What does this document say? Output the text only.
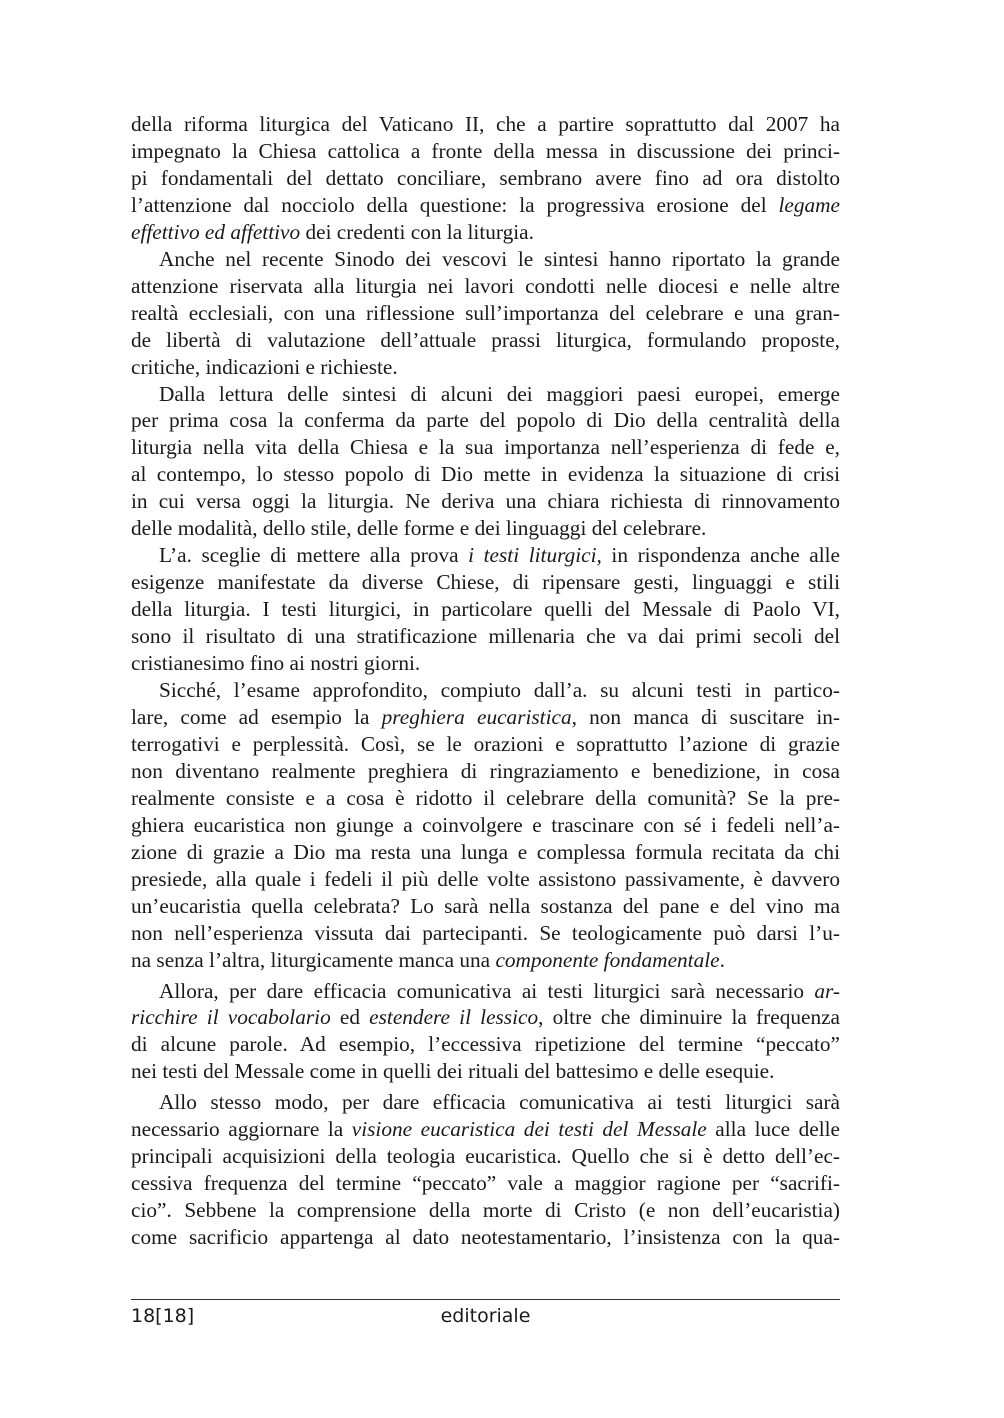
della riforma liturgica del Vaticano II, che a partire soprattutto dal 2007 ha
impegnato la Chiesa cattolica a fronte della messa in discussione dei princi-
pi fondamentali del dettato conciliare, sembrano avere fino ad ora distolto
l’attenzione dal nocciolo della questione: la progressiva erosione del legame
effettivo ed affettivo dei credenti con la liturgia.
Anche nel recente Sinodo dei vescovi le sintesi hanno riportato la grande
attenzione riservata alla liturgia nei lavori condotti nelle diocesi e nelle altre
realtà ecclesiali, con una riflessione sull’importanza del celebrare e una gran-
de libertà di valutazione dell’attuale prassi liturgica, formulando proposte,
critiche, indicazioni e richieste.
Dalla lettura delle sintesi di alcuni dei maggiori paesi europei, emerge
per prima cosa la conferma da parte del popolo di Dio della centralità della
liturgia nella vita della Chiesa e la sua importanza nell’esperienza di fede e,
al contempo, lo stesso popolo di Dio mette in evidenza la situazione di crisi
in cui versa oggi la liturgia. Ne deriva una chiara richiesta di rinnovamento
delle modalità, dello stile, delle forme e dei linguaggi del celebrare.
L’a. sceglie di mettere alla prova i testi liturgici, in rispondenza anche alle
esigenze manifestate da diverse Chiese, di ripensare gesti, linguaggi e stili
della liturgia. I testi liturgici, in particolare quelli del Messale di Paolo VI,
sono il risultato di una stratificazione millenaria che va dai primi secoli del
cristianesimo fino ai nostri giorni.
Sicché, l’esame approfondito, compiuto dall’a. su alcuni testi in partico-
lare, come ad esempio la preghiera eucaristica, non manca di suscitare in-
terrogativi e perplessità. Così, se le orazioni e soprattutto l’azione di grazie
non diventano realmente preghiera di ringraziamento e benedizione, in cosa
realmente consiste e a cosa è ridotto il celebrare della comunità? Se la pre-
ghiera eucaristica non giunge a coinvolgere e trascinare con sé i fedeli nell’a-
zione di grazie a Dio ma resta una lunga e complessa formula recitata da chi
presiede, alla quale i fedeli il più delle volte assistono passivamente, è davvero
un’eucaristia quella celebrata? Lo sarà nella sostanza del pane e del vino ma
non nell’esperienza vissuta dai partecipanti. Se teologicamente può darsi l’u-
na senza l’altra, liturgicamente manca una componente fondamentale.
Allora, per dare efficacia comunicativa ai testi liturgici sarà necessario ar-
ricchire il vocabolario ed estendere il lessico, oltre che diminuire la frequenza
di alcune parole. Ad esempio, l’eccessiva ripetizione del termine “peccato”
nei testi del Messale come in quelli dei rituali del battesimo e delle esequie.
Allo stesso modo, per dare efficacia comunicativa ai testi liturgici sarà
necessario aggiornare la visione eucaristica dei testi del Messale alla luce delle
principali acquisizioni della teologia eucaristica. Quello che si è detto dell’ec-
cessiva frequenza del termine “peccato” vale a maggior ragione per “sacrifi-
cio”. Sebbene la comprensione della morte di Cristo (e non dell’eucaristia)
come sacrificio appartenga al dato neotestamentario, l’insistenza con la qua-
18[18]	editoriale
